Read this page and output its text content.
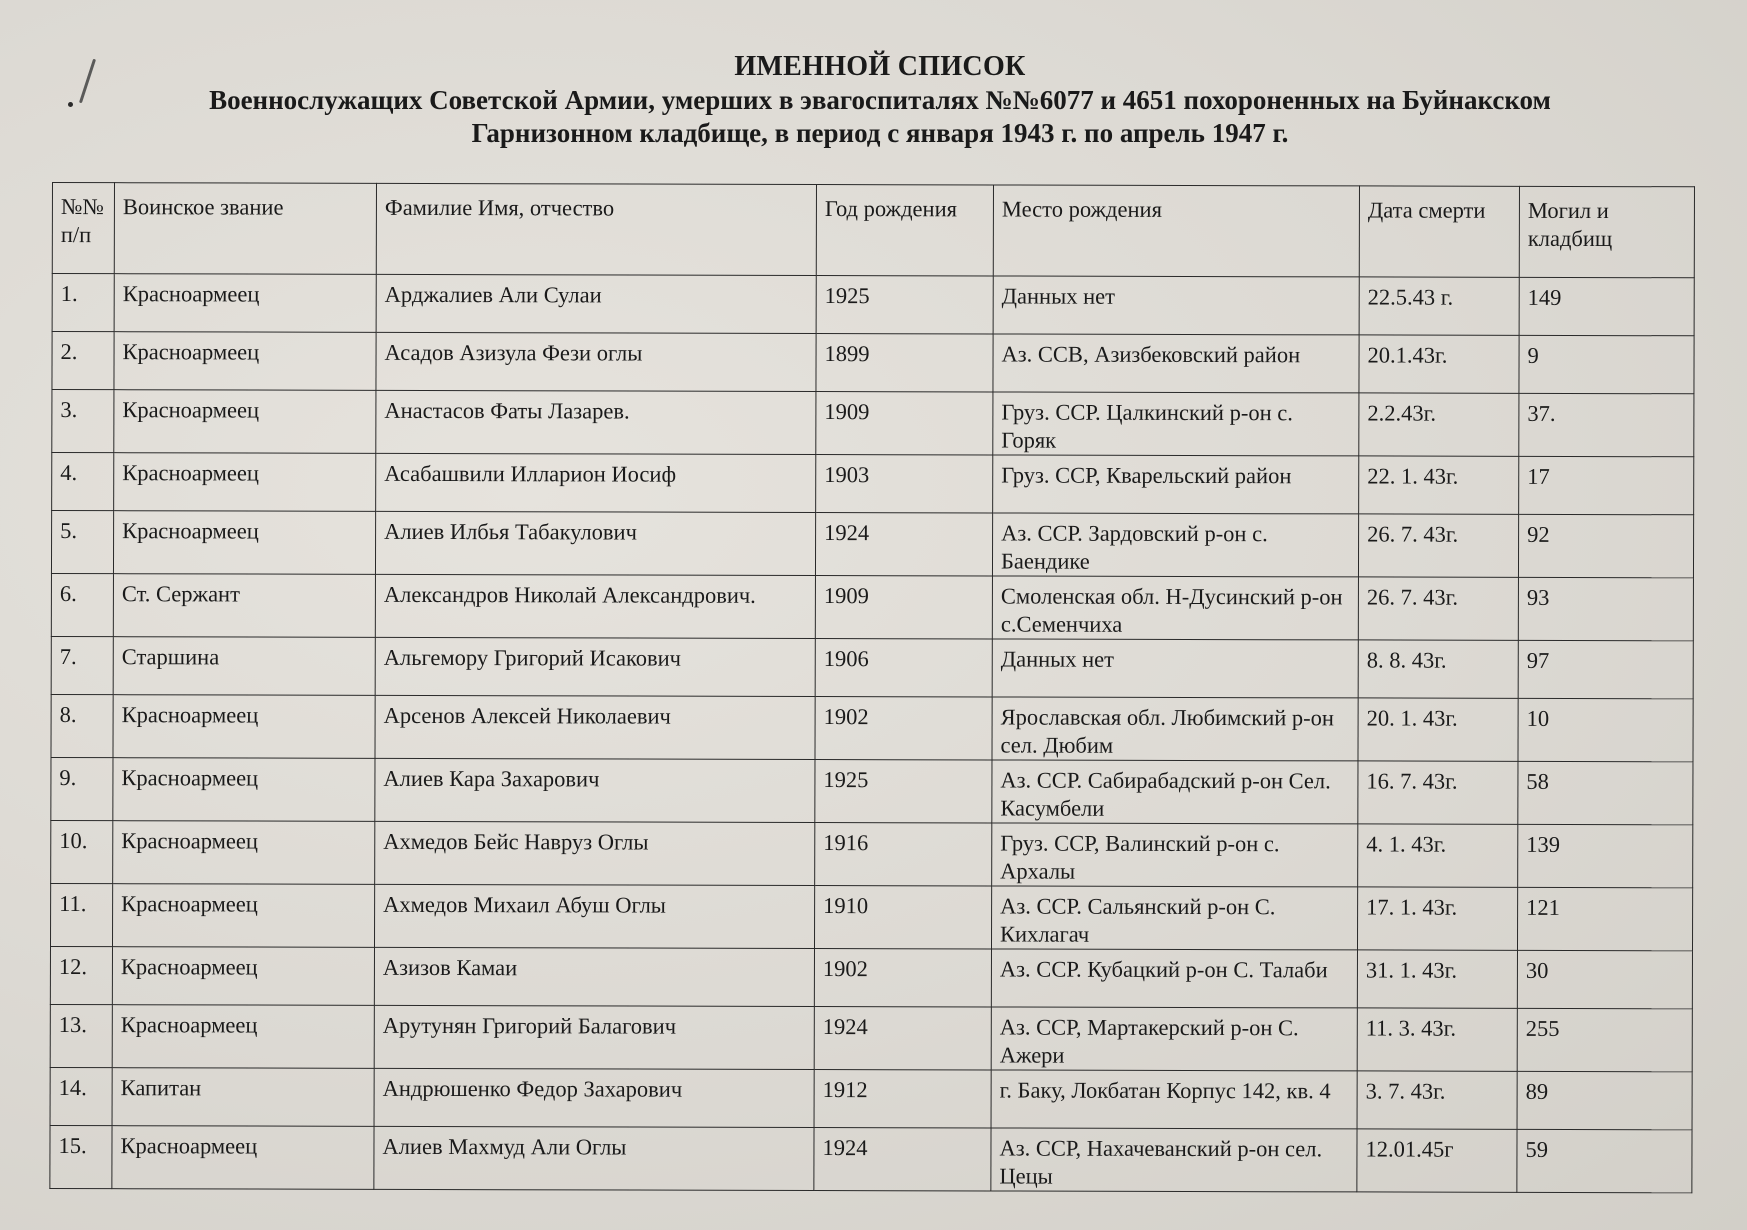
ИМЕННОЙ СПИСОК
Военнослужащих Советской Армии, умерших в эвагоспиталях №№6077 и 4651 похороненных на Буйнакском Гарнизонном кладбище, в период с января 1943 г. по апрель 1947 г.
№№ п/п	Воинское звание	Фамилие Имя, отчество	Год рождения	Место рождения	Дата смерти	Могил и кладбищ
1.	Красноармеец	Арджалиев Али Сулаи	1925	Данных нет	22.5.43 г.	149
2.	Красноармеец	Асадов Азизула Фези оглы	1899	Аз. ССВ, Азизбековский район	20.1.43г.	9
3.	Красноармеец	Анастасов Фаты Лазарев.	1909	Груз. ССР. Цалкинский р-он с. Горяк	2.2.43г.	37.
4.	Красноармеец	Асабашвили Илларион Иосиф	1903	Груз. ССР, Кварельский район	22. 1. 43г.	17
5.	Красноармеец	Алиев Илбья Табакулович	1924	Аз. ССР. Зардовский р-он с. Баендике	26. 7. 43г.	92
6.	Ст. Сержант	Александров Николай Александрович.	1909	Смоленская обл. Н-Дусинский р-он с.Семенчиха	26. 7. 43г.	93
7.	Старшина	Альгемору Григорий Исакович	1906	Данных нет	8. 8. 43г.	97
8.	Красноармеец	Арсенов Алексей Николаевич	1902	Ярославская обл. Любимский р-он сел. Дюбим	20. 1. 43г.	10
9.	Красноармеец	Алиев Кара Захарович	1925	Аз. ССР. Сабирабадский р-он Сел. Касумбели	16. 7. 43г.	58
10.	Красноармеец	Ахмедов Бейс Навруз Оглы	1916	Груз. ССР, Валинский р-он с. Архалы	4. 1. 43г.	139
11.	Красноармеец	Ахмедов Михаил Абуш Оглы	1910	Аз. ССР. Сальянский р-он С. Кихлагач	17. 1. 43г.	121
12.	Красноармеец	Азизов Камаи	1902	Аз. ССР. Кубацкий р-он С. Талаби	31. 1. 43г.	30
13.	Красноармеец	Арутунян Григорий Балагович	1924	Аз. ССР, Мартакерский р-он С. Ажери	11. 3. 43г.	255
14.	Капитан	Андрюшенко Федор Захарович	1912	г. Баку, Локбатан Корпус 142, кв. 4	3. 7. 43г.	89
15.	Красноармеец	Алиев Махмуд Али Оглы	1924	Аз. ССР, Нахачеванский р-он сел. Цецы	12.01.45г	59
